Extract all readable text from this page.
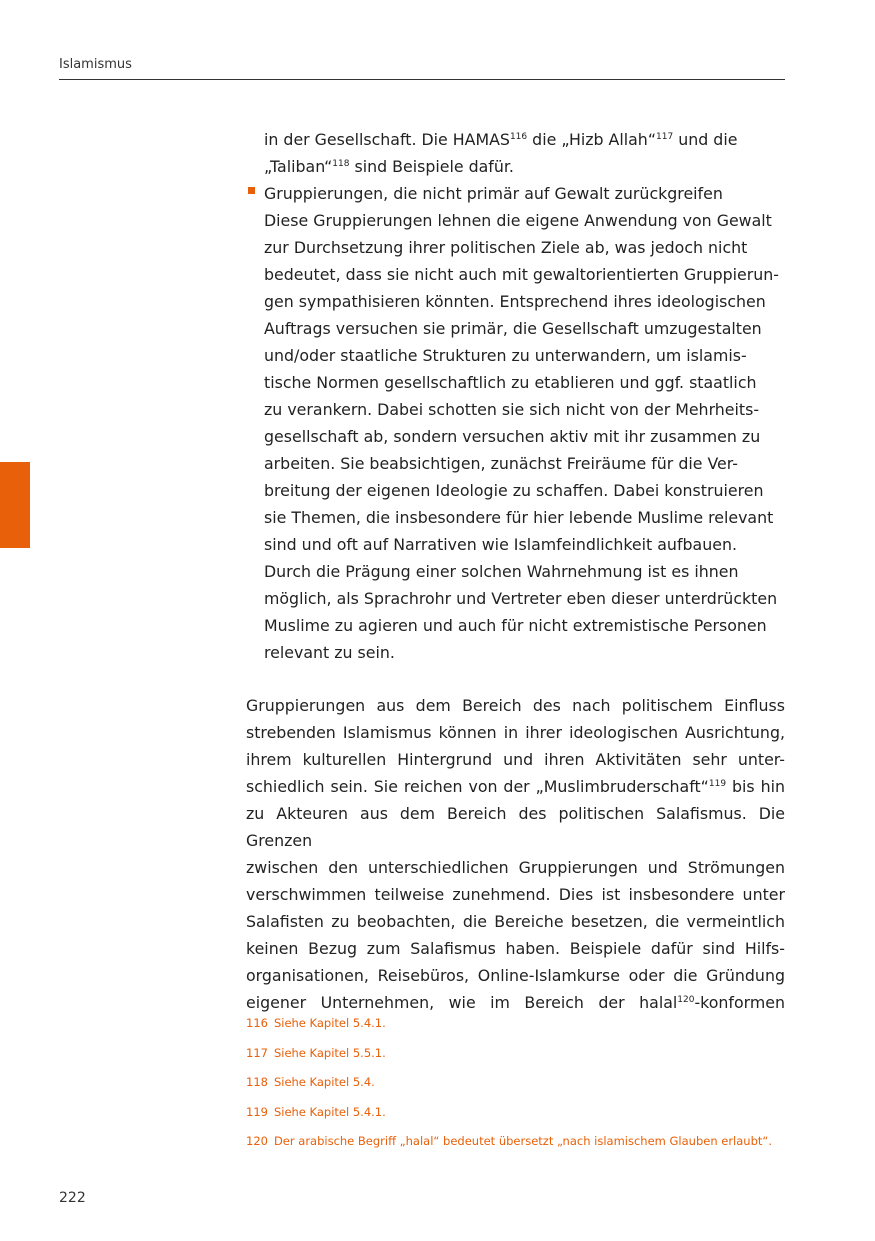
Islamismus
in der Gesellschaft. Die HAMAS$^{116}$ die „Hizb Allah“$^{117}$ und die
„Taliban“$^{118}$ sind Beispiele dafür.
Gruppierungen, die nicht primär auf Gewalt zurückgreifen
Diese Gruppierungen lehnen die eigene Anwendung von Gewalt
zur Durchsetzung ihrer politischen Ziele ab, was jedoch nicht
bedeutet, dass sie nicht auch mit gewaltorientierten Gruppierun-
gen sympathisieren könnten. Entsprechend ihres ideologischen
Auftrags versuchen sie primär, die Gesellschaft umzugestalten
und/oder staatliche Strukturen zu unterwandern, um islamis-
tische Normen gesellschaftlich zu etablieren und ggf. staatlich
zu verankern. Dabei schotten sie sich nicht von der Mehrheits-
gesellschaft ab, sondern versuchen aktiv mit ihr zusammen zu
arbeiten. Sie beabsichtigen, zunächst Freiräume für die Ver-
breitung der eigenen Ideologie zu schaffen. Dabei konstruieren
sie Themen, die insbesondere für hier lebende Muslime relevant
sind und oft auf Narrativen wie Islamfeindlichkeit aufbauen.
Durch die Prägung einer solchen Wahrnehmung ist es ihnen
möglich, als Sprachrohr und Vertreter eben dieser unterdrückten
Muslime zu agieren und auch für nicht extremistische Personen
relevant zu sein.
Gruppierungen aus dem Bereich des nach politischem Einfluss
strebenden Islamismus können in ihrer ideologischen Ausrichtung,
ihrem kulturellen Hintergrund und ihren Aktivitäten sehr unter-
schiedlich sein. Sie reichen von der „Muslimbruderschaft“$^{119}$ bis hin
zu Akteuren aus dem Bereich des politischen Salafismus. Die Grenzen
zwischen den unterschiedlichen Gruppierungen und Strömungen
verschwimmen teilweise zunehmend. Dies ist insbesondere unter
Salafisten zu beobachten, die Bereiche besetzen, die vermeintlich
keinen Bezug zum Salafismus haben. Beispiele dafür sind Hilfs-
organisationen, Reisebüros, Online-Islamkurse oder die Gründung
eigener Unternehmen, wie im Bereich der halal$^{120}$-konformen
116 Siehe Kapitel 5.4.1.
117 Siehe Kapitel 5.5.1.
118 Siehe Kapitel 5.4.
119 Siehe Kapitel 5.4.1.
120 Der arabische Begriff „halal“ bedeutet übersetzt „nach islamischem Glauben erlaubt“.
222
